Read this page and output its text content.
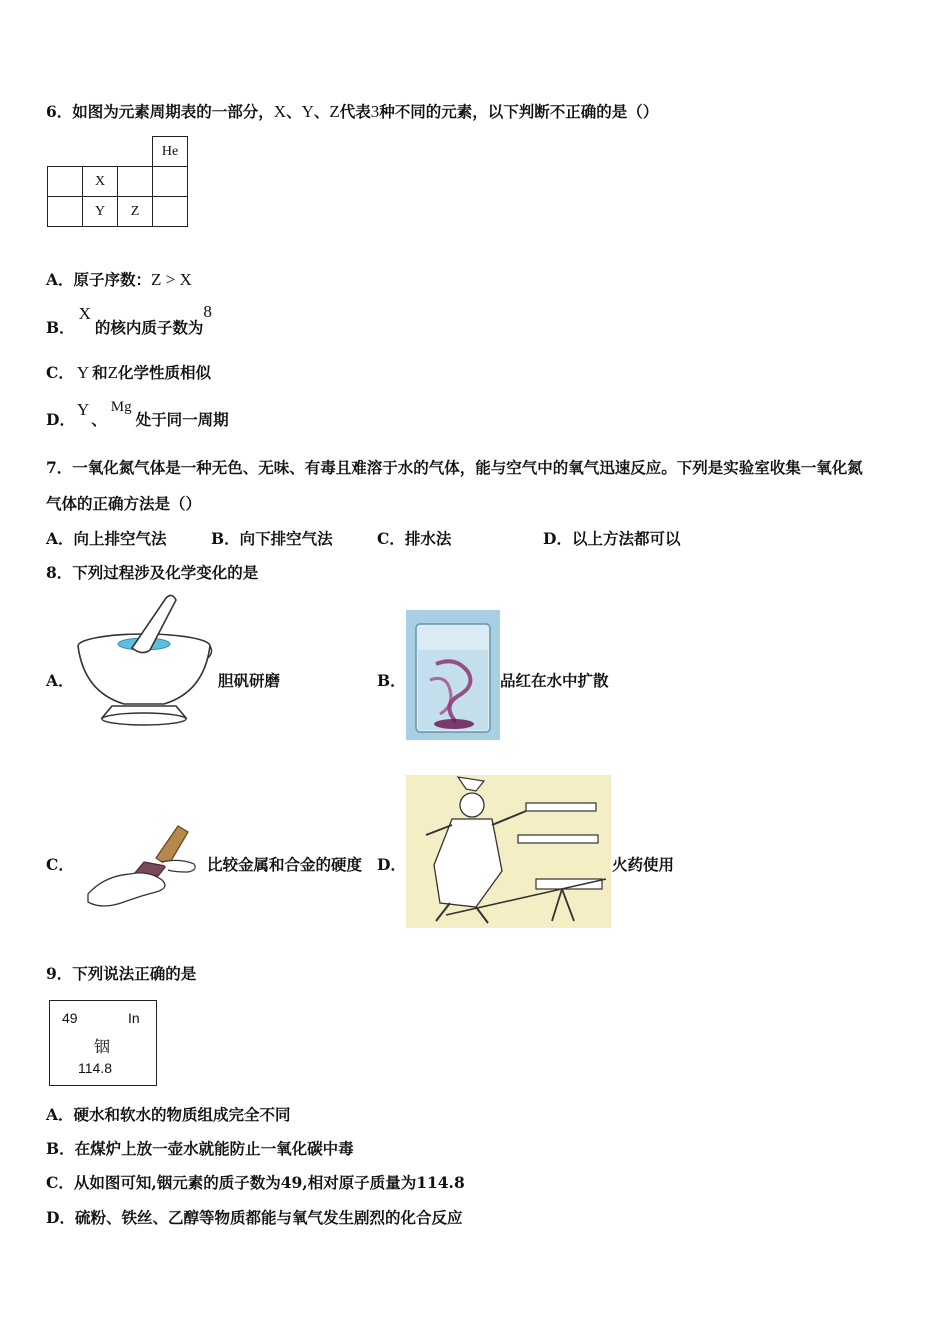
6．如图为元素周期表的一部分，X、Y、Z代表3种不同的元素，以下判断不正确的是（）
			He
	X		
	Y	Z	
A．原子序数：Z > X
B．X的核内质子数为8
C． Y 和Z化学性质相似
D．Y、Mg处于同一周期
7．一氧化氮气体是一种无色、无味、有毒且难溶于水的气体，能与空气中的氧气迅速反应。下列是实验室收集一氧化氮
气体的正确方法是（）
A．向上排空气法	B．向下排空气法	C．排水法	D．以上方法都可以
8．下列过程涉及化学变化的是
A．	胆矾研磨	B．	品红在水中扩散
C．	比较金属和合金的硬度 D．	火药使用
9．下列说法正确的是
49	In
铟
114.8
A．硬水和软水的物质组成完全不同
B．在煤炉上放一壶水就能防止一氧化碳中毒
C．从如图可知,铟元素的质子数为49,相对原子质量为114.8
D．硫粉、铁丝、乙醇等物质都能与氧气发生剧烈的化合反应
